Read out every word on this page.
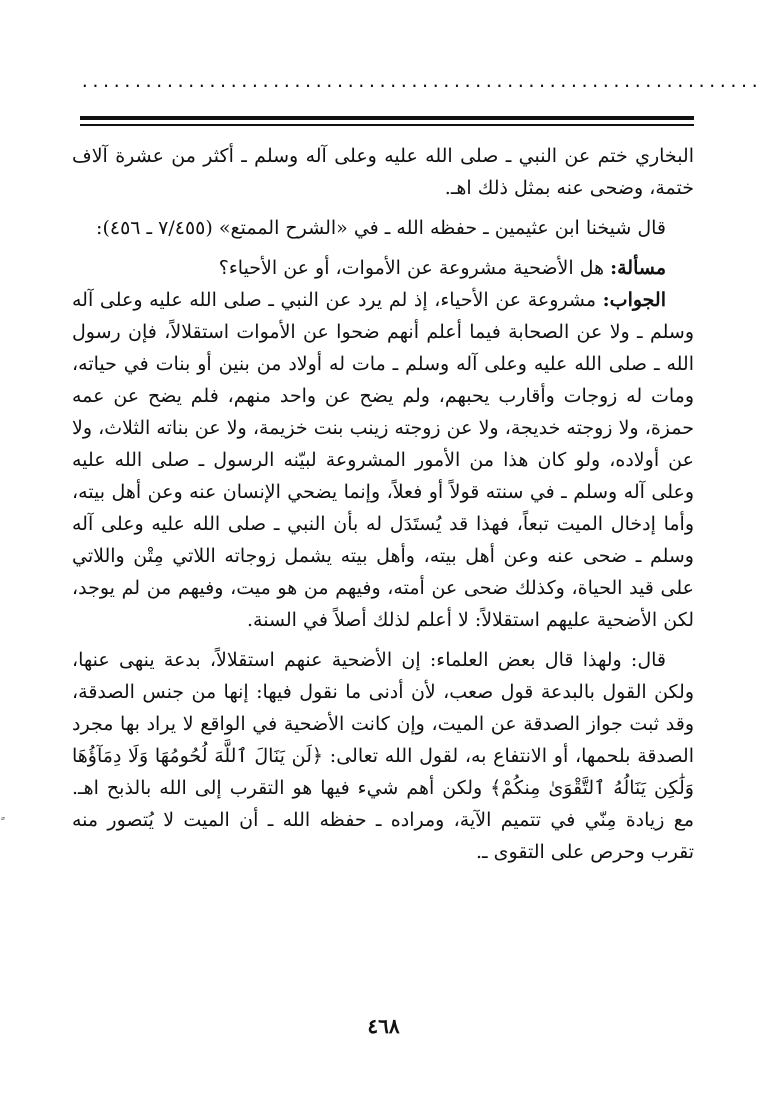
................................................................

البخاري ختم عن النبي ـ صلى الله عليه وعلى آله وسلم ـ أكثر من عشرة آلاف ختمة، وضحى عنه بمثل ذلك اهـ.

قال شيخنا ابن عثيمين ـ حفظه الله ـ في «الشرح الممتع» (٧/٤٥٥ ـ ٤٥٦):

مسألة: هل الأضحية مشروعة عن الأموات، أو عن الأحياء؟

الجواب: مشروعة عن الأحياء، إذ لم يرد عن النبي ـ صلى الله عليه وعلى آله وسلم ـ ولا عن الصحابة فيما أعلم أنهم ضحوا عن الأموات استقلالاً، فإن رسول الله ـ صلى الله عليه وعلى آله وسلم ـ مات له أولاد من بنين أو بنات في حياته، ومات له زوجات وأقارب يحبهم، ولم يضح عن واحد منهم، فلم يضح عن عمه حمزة، ولا زوجته خديجة، ولا عن زوجته زينب بنت خزيمة، ولا عن بناته الثلاث، ولا عن أولاده، ولو كان هذا من الأمور المشروعة لبيّنه الرسول ـ صلى الله عليه وعلى آله وسلم ـ في سنته قولاً أو فعلاً، وإنما يضحي الإنسان عنه وعن أهل بيته، وأما إدخال الميت تبعاً، فهذا قد يُستَدَل له بأن النبي ـ صلى الله عليه وعلى آله وسلم ـ ضحى عنه وعن أهل بيته، وأهل بيته يشمل زوجاته اللاتي مِتْن واللاتي على قيد الحياة، وكذلك ضحى عن أمته، وفيهم من هو ميت، وفيهم من لم يوجد، لكن الأضحية عليهم استقلالاً: لا أعلم لذلك أصلاً في السنة.

قال: ولهذا قال بعض العلماء: إن الأضحية عنهم استقلالاً، بدعة ينهى عنها، ولكن القول بالبدعة قول صعب، لأن أدنى ما نقول فيها: إنها من جنس الصدقة، وقد ثبت جواز الصدقة عن الميت، وإن كانت الأضحية في الواقع لا يراد بها مجرد الصدقة بلحمها، أو الانتفاع به، لقول الله تعالى: ﴿لَن يَنَالَ ٱللَّهَ لُحُومُهَا وَلَا دِمَآؤُهَا وَلَٰكِن يَنَالُهُ ٱلتَّقْوَىٰ مِنكُمْ﴾ ولكن أهم شيء فيها هو التقرب إلى الله بالذبح اهـ. مع زيادة مِنّي في تتميم الآية، ومراده ـ حفظه الله ـ أن الميت لا يُتصور منه تقرب وحرص على التقوى ـ.

٤٦٨
